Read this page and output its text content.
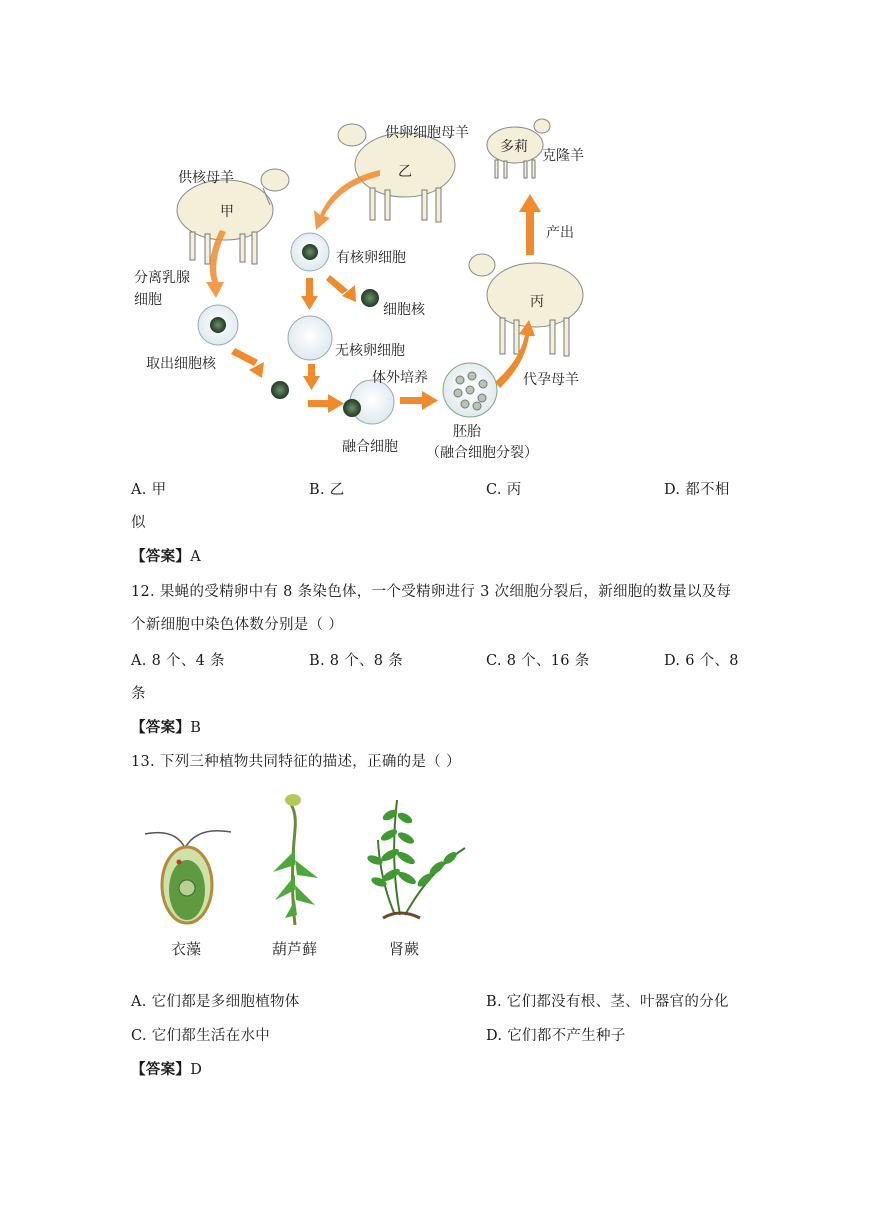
供核母羊
甲
分离乳腺
细胞
取出细胞核
供卵细胞母羊
乙
有核卵细胞
细胞核
无核卵细胞
体外培养
融合细胞
胚胎
（融合细胞分裂）
代孕母羊
丙
产出
多莉
克隆羊
A. 甲	B. 乙	C. 丙	D. 都不相
似
【答案】A
12. 果蝇的受精卵中有 8 条染色体，一个受精卵进行 3 次细胞分裂后，新细胞的数量以及每
个新细胞中染色体数分别是（ ）
A. 8 个、4 条	B. 8 个、8 条	C. 8 个、16 条	D. 6 个、8
条
【答案】B
13. 下列三种植物共同特征的描述，正确的是（ ）
衣藻	葫芦藓	肾蕨
A. 它们都是多细胞植物体	B. 它们都没有根、茎、叶器官的分化
C. 它们都生活在水中	D. 它们都不产生种子
【答案】D
